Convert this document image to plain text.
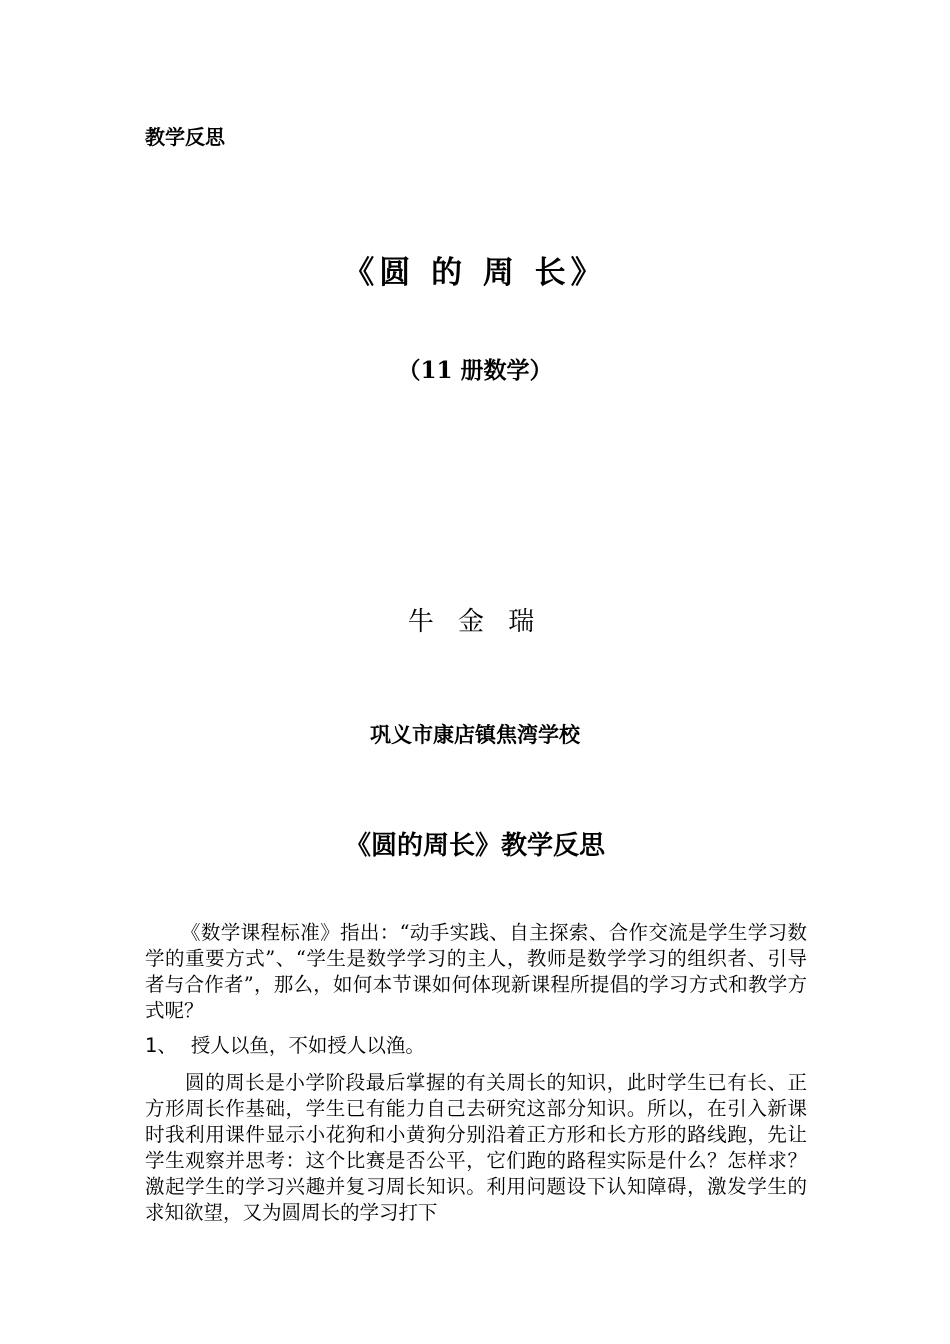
教学反思
《圆 的 周 长》
（11 册数学）
牛 金 瑞
巩义市康店镇焦湾学校
《圆的周长》教学反思
《数学课程标准》指出：“动手实践、自主探索、合作交流是学生学习数学的重要方式”、“学生是数学学习的主人，教师是数学学习的组织者、引导者与合作者”，那么，如何本节课如何体现新课程所提倡的学习方式和教学方式呢？
1、 授人以鱼，不如授人以渔。
圆的周长是小学阶段最后掌握的有关周长的知识，此时学生已有长、正方形周长作基础，学生已有能力自己去研究这部分知识。所以，在引入新课时我利用课件显示小花狗和小黄狗分别沿着正方形和长方形的路线跑，先让学生观察并思考：这个比赛是否公平，它们跑的路程实际是什么？怎样求？激起学生的学习兴趣并复习周长知识。利用问题设下认知障碍，激发学生的求知欲望，又为圆周长的学习打下
